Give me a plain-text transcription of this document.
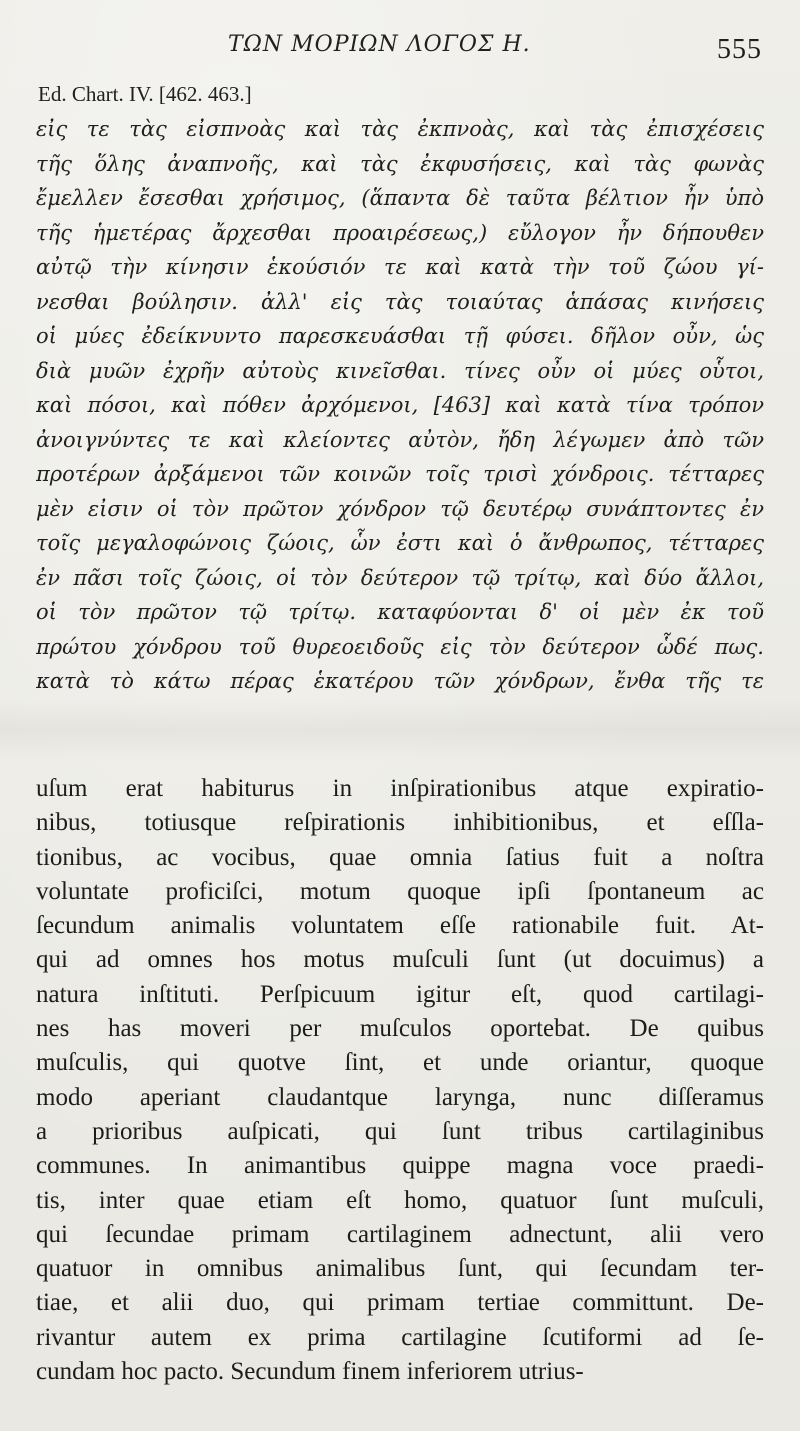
ΤΩΝ ΜΟΡΙΩΝ ΛΟΓΟΣ Η.	555
Ed. Chart. IV. [462. 463.]
εἰς τε τὰς εἰσπνοὰς καὶ τὰς ἐκπνοὰς, καὶ τὰς ἐπισχέσεις
τῆς ὅλης ἀναπνοῆς, καὶ τὰς ἐκφυσήσεις, καὶ τὰς φωνὰς
ἔμελλεν ἔσεσθαι χρήσιμος, (ἅπαντα δὲ ταῦτα βέλτιον ἦν ὑπὸ
τῆς ἡμετέρας ἄρχεσθαι προαιρέσεως,) εὔλογον ἦν δήπουθεν
αὐτῷ τὴν κίνησιν ἑκούσιόν τε καὶ κατὰ τὴν τοῦ ζώου γί-
νεσθαι βούλησιν. ἀλλ' εἰς τὰς τοιαύτας ἁπάσας κινήσεις
οἱ μύες ἐδείκνυντο παρεσκευάσθαι τῇ φύσει. δῆλον οὖν, ὡς
διὰ μυῶν ἐχρῆν αὐτοὺς κινεῖσθαι. τίνες οὖν οἱ μύες οὗτοι,
καὶ πόσοι, καὶ πόθεν ἀρχόμενοι, [463] καὶ κατὰ τίνα τρόπον
ἀνοιγνύντες τε καὶ κλείοντες αὐτὸν, ἤδη λέγωμεν ἀπὸ τῶν
προτέρων ἀρξάμενοι τῶν κοινῶν τοῖς τρισὶ χόνδροις. τέτταρες
μὲν εἰσιν οἱ τὸν πρῶτον χόνδρον τῷ δευτέρῳ συνάπτοντες ἐν
τοῖς μεγαλοφώνοις ζώοις, ὧν ἐστι καὶ ὁ ἄνθρωπος, τέτταρες
ἐν πᾶσι τοῖς ζώοις, οἱ τὸν δεύτερον τῷ τρίτῳ, καὶ δύο ἄλλοι,
οἱ τὸν πρῶτον τῷ τρίτῳ. καταφύονται δ' οἱ μὲν ἐκ τοῦ
πρώτου χόνδρου τοῦ θυρεοειδοῦς εἰς τὸν δεύτερον ὧδέ πως.
κατὰ τὸ κάτω πέρας ἑκατέρου τῶν χόνδρων, ἔνθα τῆς τε
uſum erat habiturus in inſpirationibus atque expiratio-
nibus, totiusque reſpirationis inhibitionibus, et eſſla-
tionibus, ac vocibus, quae omnia ſatius fuit a noſtra
voluntate proficiſci, motum quoque ipſi ſpontaneum ac
ſecundum animalis voluntatem eſſe rationabile fuit. At-
qui ad omnes hos motus muſculi ſunt (ut docuimus) a
natura inſtituti. Perſpicuum igitur eſt, quod cartilagi-
nes has moveri per muſculos oportebat. De quibus
muſculis, qui quotve ſint, et unde oriantur, quoque
modo aperiant claudantque larynga, nunc diſſeramus
a prioribus auſpicati, qui ſunt tribus cartilaginibus
communes. In animantibus quippe magna voce praedi-
tis, inter quae etiam eſt homo, quatuor ſunt muſculi,
qui ſecundae primam cartilaginem adnectunt, alii vero
quatuor in omnibus animalibus ſunt, qui ſecundam ter-
tiae, et alii duo, qui primam tertiae committunt. De-
rivantur autem ex prima cartilagine ſcutiformi ad ſe-
cundam hoc pacto. Secundum finem inferiorem utrius-
